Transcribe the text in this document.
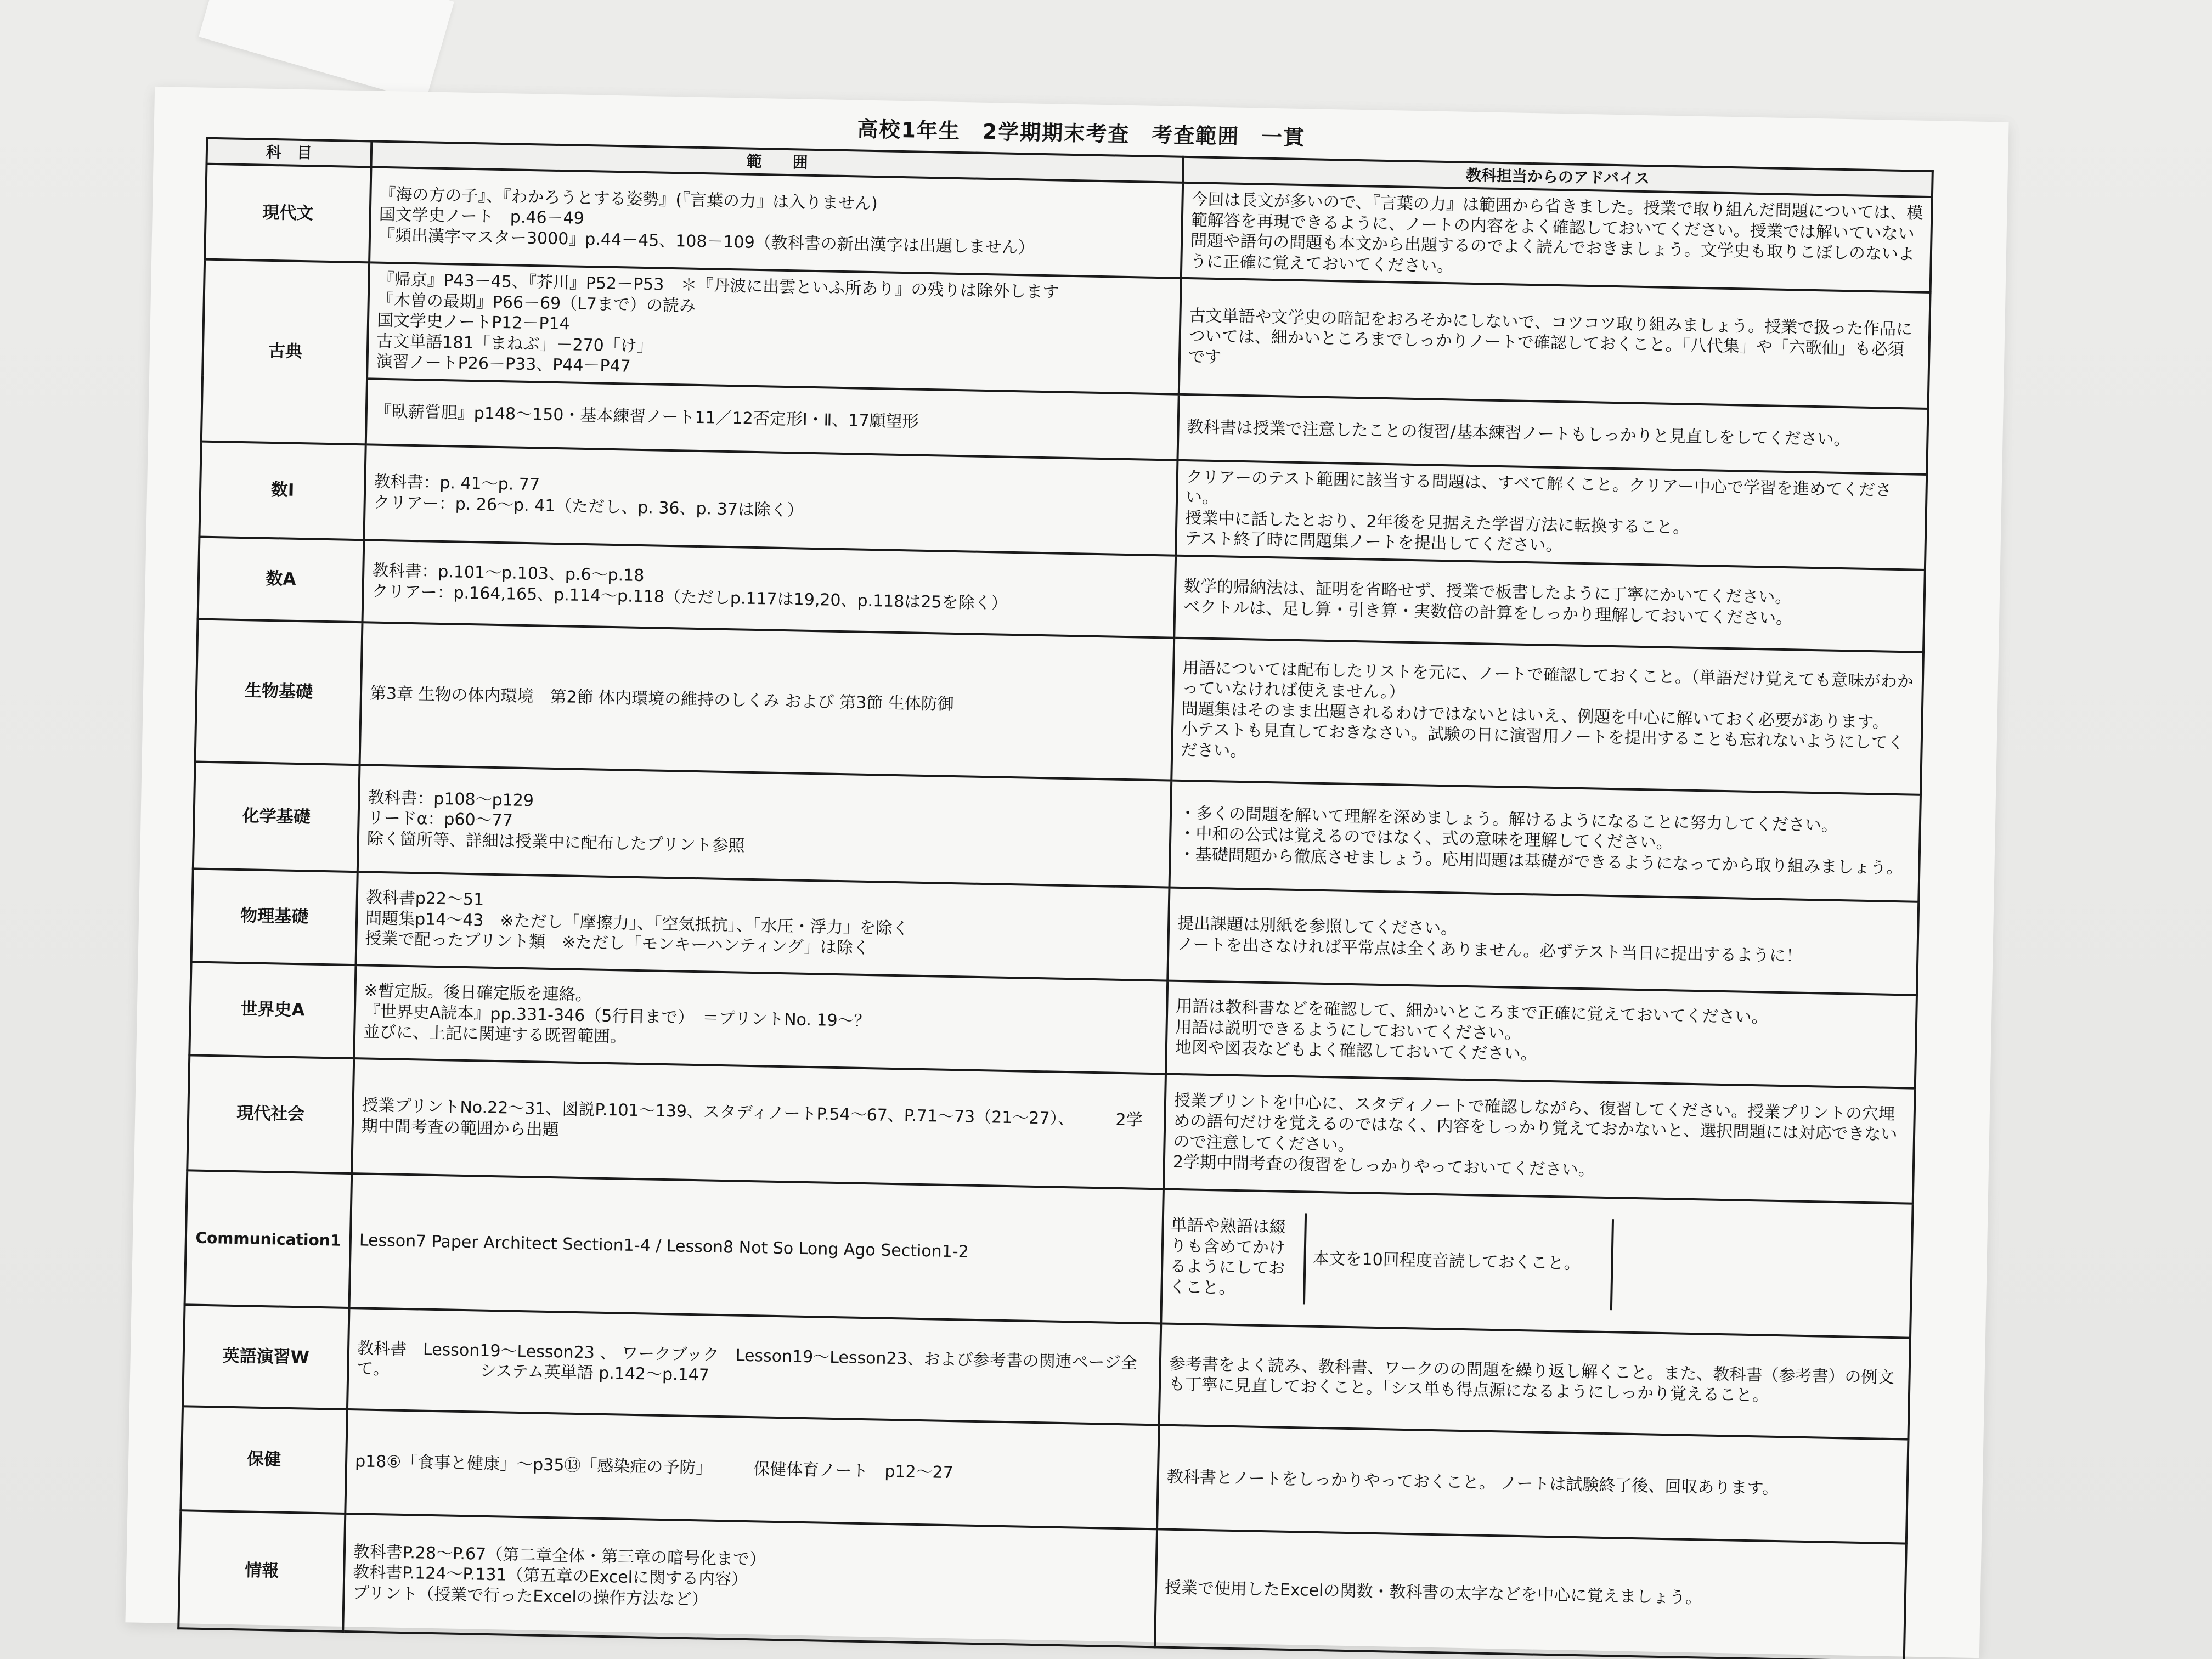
高校1年生　2学期期末考査　考査範囲　一貫
科　目	範　　囲	教科担当からのアドバイス
現代文	『海の方の子』、『わかろうとする姿勢』(『言葉の力』は入りません)
国文学史ノート　p.46－49
『頻出漢字マスター3000』p.44－45、108－109（教科書の新出漢字は出題しません）	今回は長文が多いので、『言葉の力』は範囲から省きました。授業で取り組んだ問題については、模範解答を再現できるように、ノートの内容をよく確認しておいてください。授業では解いていない問題や語句の問題も本文から出題するのでよく読んでおきましょう。文学史も取りこぼしのないように正確に覚えておいてください。
古典	『帰京』P43－45、『芥川』P52－P53　＊『丹波に出雲といふ所あり』の残りは除外します
『木曽の最期』P66－69（L7まで）の読み
国文学史ノートP12－P14
古文単語181「まねぶ」－270「け」
演習ノートP26－P33、P44－P47	古文単語や文学史の暗記をおろそかにしないで、コツコツ取り組みましょう。授業で扱った作品については、細かいところまでしっかりノートで確認しておくこと。「八代集」や「六歌仙」も必須です
	『臥薪嘗胆』p148～150・基本練習ノート11／12否定形Ⅰ・Ⅱ、17願望形	教科書は授業で注意したことの復習/基本練習ノートもしっかりと見直しをしてください。
数Ⅰ	教科書：p. 41～p. 77
クリアー：p. 26～p. 41（ただし、p. 36、p. 37は除く）	クリアーのテスト範囲に該当する問題は、すべて解くこと。クリアー中心で学習を進めてください。
授業中に話したとおり、2年後を見据えた学習方法に転換すること。
テスト終了時に問題集ノートを提出してください。
数A	教科書：p.101～p.103、p.6～p.18
クリアー：p.164,165、p.114～p.118（ただしp.117は19,20、p.118は25を除く）	数学的帰納法は、証明を省略せず、授業で板書したように丁寧にかいてください。
ベクトルは、足し算・引き算・実数倍の計算をしっかり理解しておいてください。
生物基礎	第3章 生物の体内環境　第2節 体内環境の維持のしくみ および 第3節 生体防御	用語については配布したリストを元に、ノートで確認しておくこと。（単語だけ覚えても意味がわかっていなければ使えません。）
問題集はそのまま出題されるわけではないとはいえ、例題を中心に解いておく必要があります。
小テストも見直しておきなさい。試験の日に演習用ノートを提出することも忘れないようにしてください。
化学基礎	教科書：p108～p129
リードα：p60～77
除く箇所等、詳細は授業中に配布したプリント参照	・多くの問題を解いて理解を深めましょう。解けるようになることに努力してください。
・中和の公式は覚えるのではなく、式の意味を理解してください。
・基礎問題から徹底させましょう。応用問題は基礎ができるようになってから取り組みましょう。
物理基礎	教科書p22～51
問題集p14～43　※ただし「摩擦力」、「空気抵抗」、「水圧・浮力」を除く
授業で配ったプリント類　※ただし「モンキーハンティング」は除く	提出課題は別紙を参照してください。
ノートを出さなければ平常点は全くありません。必ずテスト当日に提出するように！
世界史A	※暫定版。後日確定版を連絡。
『世界史A読本』pp.331-346（5行目まで）　＝プリントNo. 19～？
並びに、上記に関連する既習範囲。	用語は教科書などを確認して、細かいところまで正確に覚えておいてください。
用語は説明できるようにしておいてください。
地図や図表などもよく確認しておいてください。
現代社会	授業プリントNo.22～31、図説P.101～139、スタディノートP.54～67、P.71～73（21～27）、　　　2学期中間考査の範囲から出題	授業プリントを中心に、スタディノートで確認しながら、復習してください。授業プリントの穴埋めの語句だけを覚えるのではなく、内容をしっかり覚えておかないと、選択問題には対応できないので注意してください。
2学期中間考査の復習をしっかりやっておいてください。
Communication1	Lesson7 Paper Architect Section1-4 / Lesson8 Not So Long Ago Section1-2	単語や熟語は綴りも含めてかけるようにしておくこと。
本文を10回程度音読しておくこと。

英語演習W	教科書　Lesson19～Lesson23 、 ワークブック　Lesson19～Lesson23、および参考書の関連ページ全て。　　　　　　システム英単語 p.142～p.147	参考書をよく読み、教科書、ワークのの問題を繰り返し解くこと。また、教科書（参考書）の例文も丁寧に見直しておくこと。「シス単も得点源になるようにしっかり覚えること。
保健	p18⑥「食事と健康」～p35⑬「感染症の予防」　　　保健体育ノート　p12～27	教科書とノートをしっかりやっておくこと。 ノートは試験終了後、回収あります。
情報	教科書P.28～P.67（第二章全体・第三章の暗号化まで）
教科書P.124～P.131（第五章のExcelに関する内容）
プリント（授業で行ったExcelの操作方法など）	授業で使用したExcelの関数・教科書の太字などを中心に覚えましょう。
